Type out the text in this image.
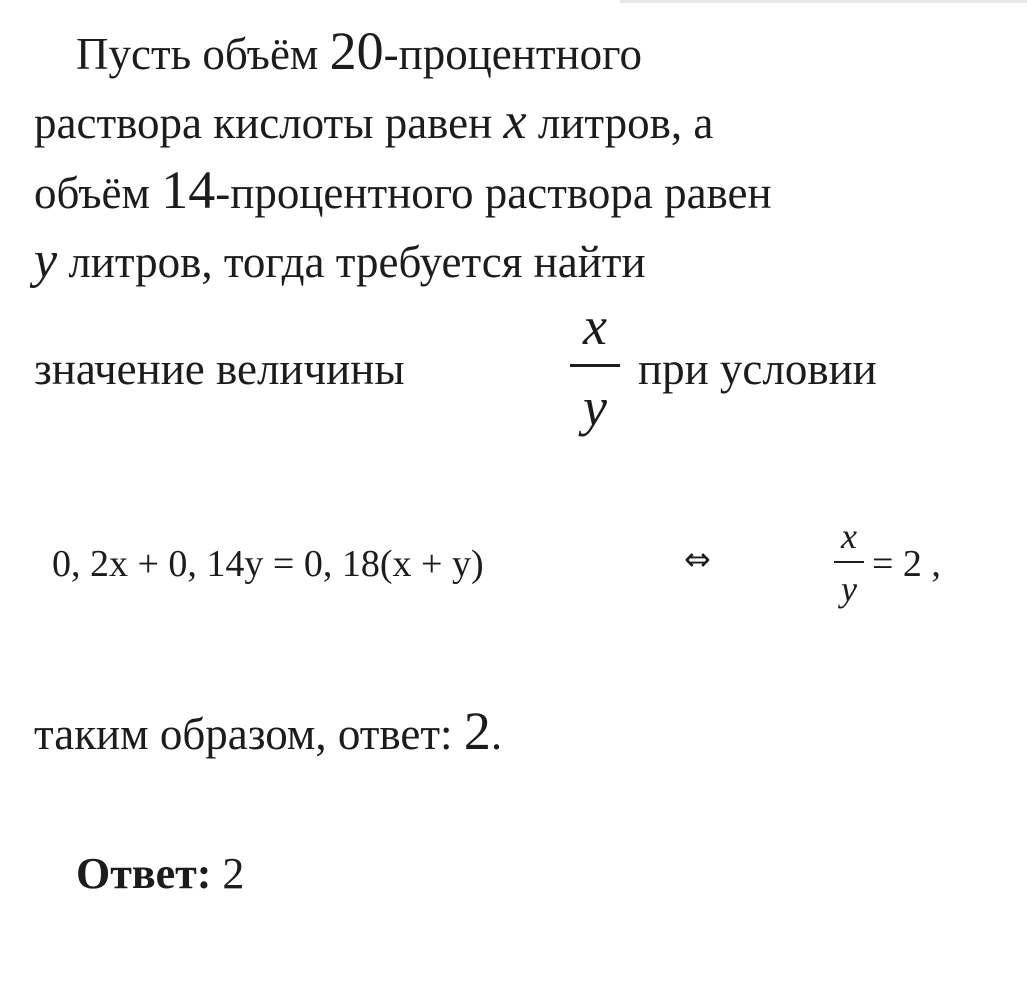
Пусть объём 20-процентного
раствора кислоты равен x литров, а
объём 14-процентного раствора равен
y литров, тогда требуется найти
значение величины
x
y
при условии
0, 2x + 0, 14y = 0, 18(x + y)	⇔
x
y
= 2 ,
таким образом, ответ: 2.
Ответ: 2
